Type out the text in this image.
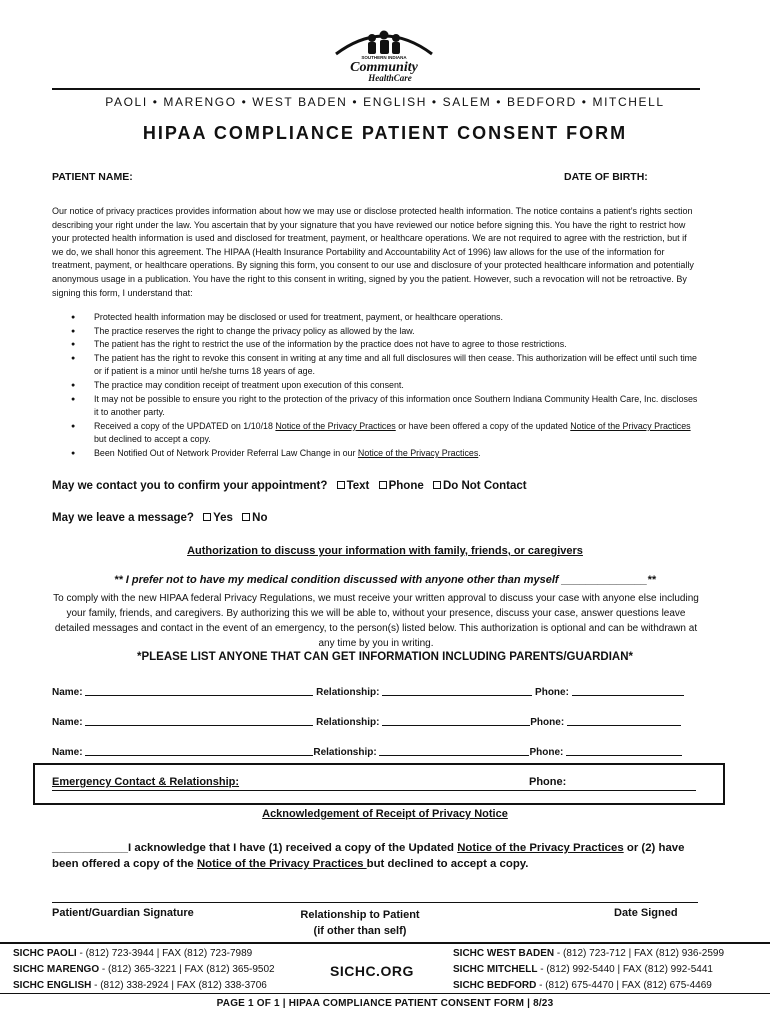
SOUTHERN INDIANA
Community
HealthCare
PAOLI • MARENGO • WEST BADEN • ENGLISH • SALEM • BEDFORD • MITCHELL
HIPAA COMPLIANCE PATIENT CONSENT FORM
PATIENT NAME:	DATE OF BIRTH:
Our notice of privacy practices provides information about how we may use or disclose protected health information. The notice contains a patient’s rights section describing your right under the law. You ascertain that by your signature that you have reviewed our notice before signing this. You have the right to restrict how your protected health information is used and disclosed for treatment, payment, or healthcare operations. We are not required to agree with the restriction, but if we do, we shall honor this agreement. The HIPAA (Health Insurance Portability and Accountability Act of 1996) law allows for the use of the information for treatment, payment, or healthcare operations. By signing this form, you consent to our use and disclosure of your protected healthcare information and potentially anonymous usage in a publication. You have the right to this consent in writing, signed by you the patient. However, such a revocation will not be retroactive. By signing this form, I understand that:
● Protected health information may be disclosed or used for treatment, payment, or healthcare operations.
● The practice reserves the right to change the privacy policy as allowed by the law.
● The patient has the right to restrict the use of the information by the practice does not have to agree to those restrictions.
● The patient has the right to revoke this consent in writing at any time and all full disclosures will then cease. This authorization will be effect until such time or if patient is a minor until he/she turns 18 years of age.
● The practice may condition receipt of treatment upon execution of this consent.
● It may not be possible to ensure you right to the protection of the privacy of this information once Southern Indiana Community Health Care, Inc. discloses it to another party.
● Received a copy of the UPDATED on 1/10/18 Notice of the Privacy Practices or have been offered a copy of the updated Notice of the Privacy Practices but declined to accept a copy.
● Been Notified Out of Network Provider Referral Law Change in our Notice of the Privacy Practices.
May we contact you to confirm your appointment? Text Phone Do Not Contact
May we leave a message? Yes No
Authorization to discuss your information with family, friends, or caregivers
** I prefer not to have my medical condition discussed with anyone other than myself ______________**
To comply with the new HIPAA federal Privacy Regulations, we must receive your written approval to discuss your case with anyone else including your family, friends, and caregivers. By authorizing this we will be able to, without your presence, discuss your case, answer questions leave detailed messages and contact in the event of an emergency, to the person(s) listed below. This authorization is optional and can be withdrawn at any time by you in writing.
*PLEASE LIST ANYONE THAT CAN GET INFORMATION INCLUDING PARENTS/GUARDIAN*
Name:	Relationship:	Phone:
Name:	Relationship:	Phone:
Name:	Relationship:	Phone:
Emergency Contact & Relationship:	Phone:
Acknowledgement of Receipt of Privacy Notice
____________I acknowledge that I have (1) received a copy of the Updated Notice of the Privacy Practices or (2) have been offered a copy of the Notice of the Privacy Practices but declined to accept a copy.
Patient/Guardian Signature	Relationship to Patient
(if other than self)
Date Signed
SICHC PAOLI - (812) 723-3944 | FAX (812) 723-7989
SICHC MARENGO - (812) 365-3221 | FAX (812) 365-9502
SICHC ENGLISH - (812) 338-2924 | FAX (812) 338-3706
SICHC.ORG
SICHC WEST BADEN - (812) 723-712 | FAX (812) 936-2599
SICHC MITCHELL - (812) 992-5440 | FAX (812) 992-5441
SICHC BEDFORD - (812) 675-4470 | FAX (812) 675-4469
PAGE 1 OF 1 | HIPAA COMPLIANCE PATIENT CONSENT FORM | 8/23
